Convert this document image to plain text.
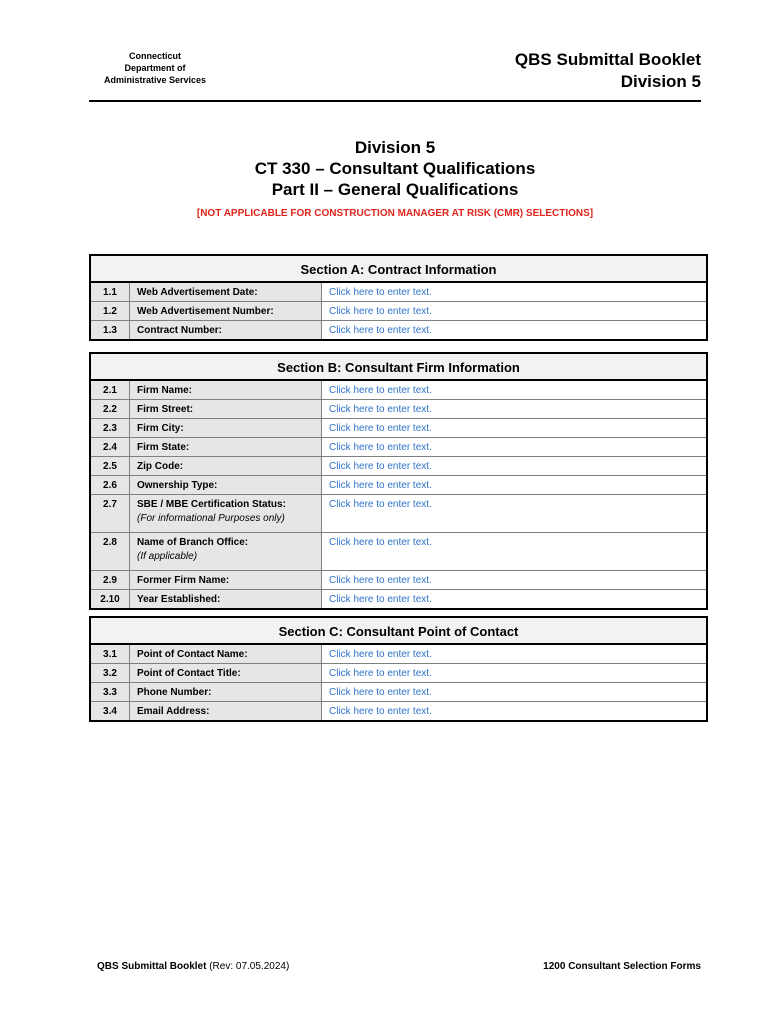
Connecticut
Department of
Administrative Services
QBS Submittal Booklet
Division 5
Division 5
CT 330 – Consultant Qualifications
Part II – General Qualifications
[NOT APPLICABLE FOR CONSTRUCTION MANAGER AT RISK (CMR) SELECTIONS]
Section A: Contract Information		
1.1	Web Advertisement Date:	Click here to enter text.
1.2	Web Advertisement Number:	Click here to enter text.
1.3	Contract Number:	Click here to enter text.
Section B: Consultant Firm Information		
2.1	Firm Name:	Click here to enter text.
2.2	Firm Street:	Click here to enter text.
2.3	Firm City:	Click here to enter text.
2.4	Firm State:	Click here to enter text.
2.5	Zip Code:	Click here to enter text.
2.6	Ownership Type:	Click here to enter text.
2.7	SBE / MBE Certification Status:
(For informational Purposes only)	Click here to enter text.
2.8	Name of Branch Office:
(If applicable)	Click here to enter text.
2.9	Former Firm Name:	Click here to enter text.
2.10	Year Established:	Click here to enter text.
Section C: Consultant Point of Contact		
3.1	Point of Contact Name:	Click here to enter text.
3.2	Point of Contact Title:	Click here to enter text.
3.3	Phone Number:	Click here to enter text.
3.4	Email Address:	Click here to enter text.
QBS Submittal Booklet (Rev: 07.05.2024)	1200 Consultant Selection Forms
